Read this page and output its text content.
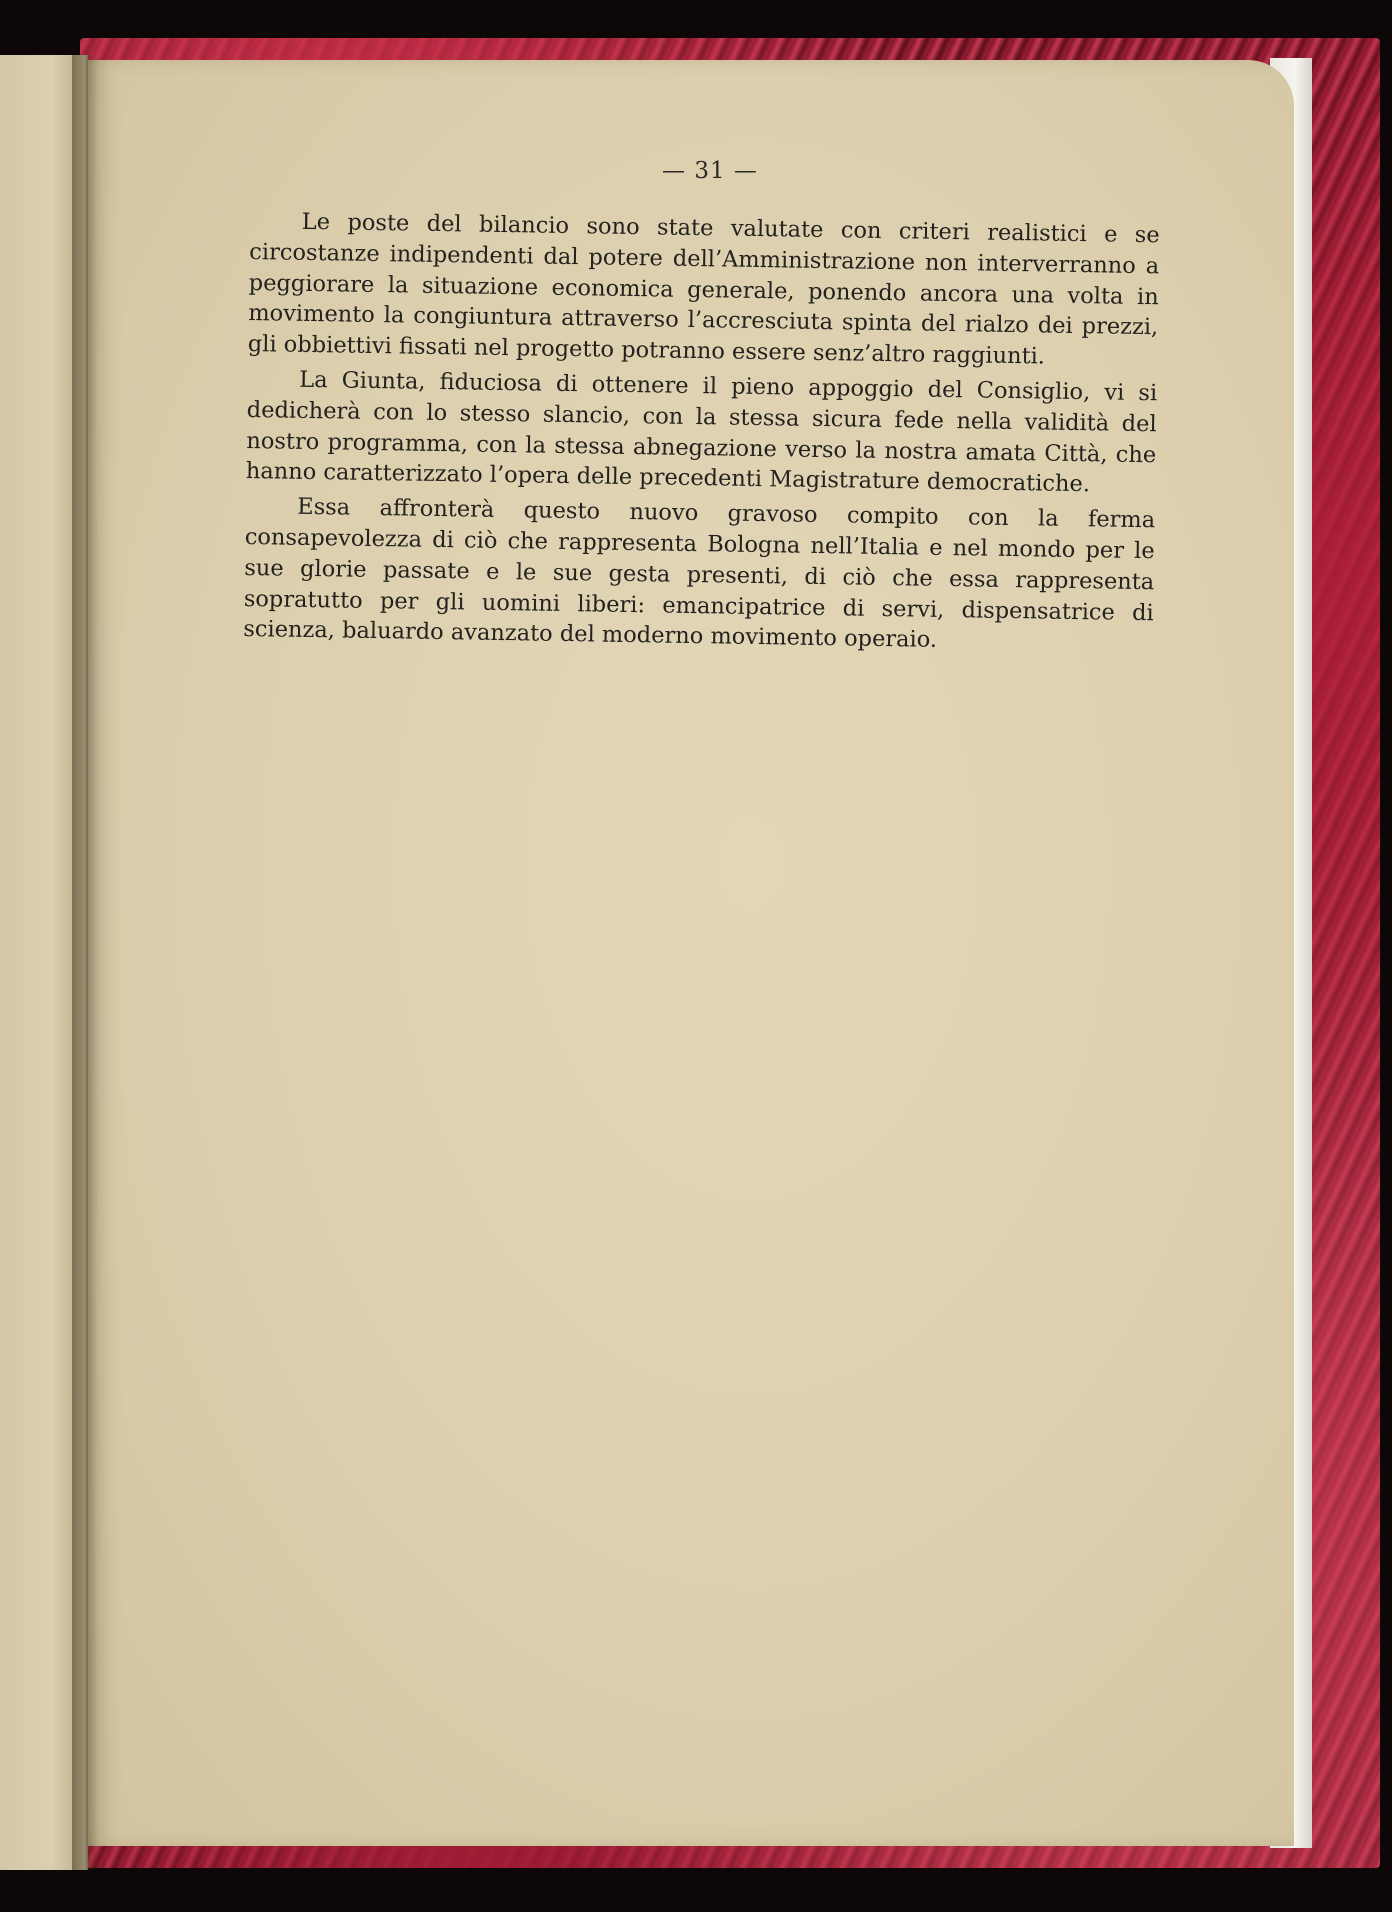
— 31 —

Le poste del bilancio sono state valutate con criteri realistici e se circostanze indipendenti dal potere dell’Amministrazione non interverranno a peggiorare la situazione economica generale, ponendo ancora una volta in movimento la congiuntura attraverso l’accresciuta spinta del rialzo dei prezzi, gli obbiettivi fissati nel progetto potranno essere senz’altro raggiunti.

La Giunta, fiduciosa di ottenere il pieno appoggio del Consiglio, vi si dedicherà con lo stesso slancio, con la stessa sicura fede nella validità del nostro programma, con la stessa abnegazione verso la nostra amata Città, che hanno caratterizzato l’opera delle precedenti Magistrature democratiche.

Essa affronterà questo nuovo gravoso compito con la ferma consapevolezza di ciò che rappresenta Bologna nell’Italia e nel mondo per le sue glorie passate e le sue gesta presenti, di ciò che essa rappresenta sopratutto per gli uomini liberi: emancipatrice di servi, dispensatrice di scienza, baluardo avanzato del moderno movimento operaio.
